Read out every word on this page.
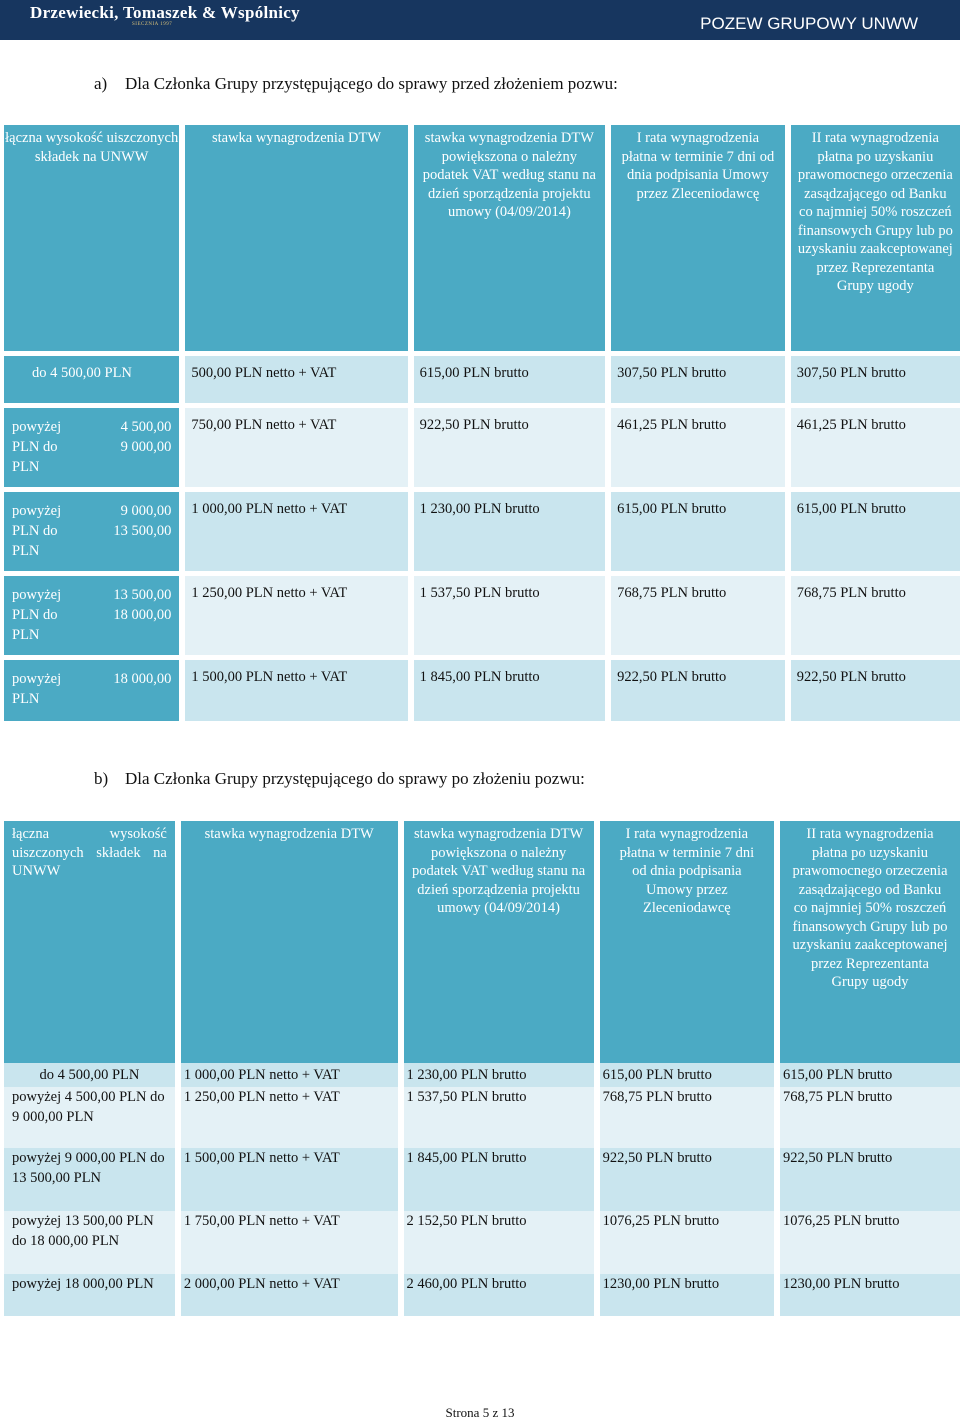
Drzewiecki, Tomaszek & Wspólnicy
SIECZNIA 1997	POZEW GRUPOWY UNWW
a) Dla Członka Grupy przystępującego do sprawy przed złożeniem pozwu:
łączna wysokość uiszczonych składek na UNWW	stawka wynagrodzenia DTW	stawka wynagrodzenia DTW powiększona o należny podatek VAT według stanu na dzień sporządzenia projektu umowy (04/09/2014)	I rata wynagrodzenia płatna w terminie 7 dni od dnia podpisania Umowy przez Zleceniodawcę	II rata wynagrodzenia płatna po uzyskaniu prawomocnego orzeczenia zasądzającego od Banku co najmniej 50% roszczeń finansowych Grupy lub po uzyskaniu zaakceptowanej przez Reprezentanta Grupy ugody

do 4 500,00 PLN	500,00 PLN netto + VAT	615,00 PLN brutto	307,50 PLN brutto	307,50 PLN brutto

powyżej 4 500,00
PLN do 9 000,00
PLN	750,00 PLN netto + VAT	922,50 PLN brutto	461,25 PLN brutto	461,25 PLN brutto

powyżej 9 000,00
PLN do 13 500,00
PLN	1 000,00 PLN netto + VAT	1 230,00 PLN brutto	615,00 PLN brutto	615,00 PLN brutto

powyżej 13 500,00
PLN do 18 000,00
PLN	1 250,00 PLN netto + VAT	1 537,50 PLN brutto	768,75 PLN brutto	768,75 PLN brutto

powyżej 18 000,00
PLN	1 500,00 PLN netto + VAT	1 845,00 PLN brutto	922,50 PLN brutto	922,50 PLN brutto
b) Dla Członka Grupy przystępującego do sprawy po złożeniu pozwu:
łączna wysokość uiszczonych składek na UNWW	stawka wynagrodzenia DTW	stawka wynagrodzenia DTW powiększona o należny podatek VAT według stanu na dzień sporządzenia projektu umowy (04/09/2014)	I rata wynagrodzenia płatna w terminie 7 dni od dnia podpisania Umowy przez Zleceniodawcę	II rata wynagrodzenia płatna po uzyskaniu prawomocnego orzeczenia zasądzającego od Banku co najmniej 50% roszczeń finansowych Grupy lub po uzyskaniu zaakceptowanej przez Reprezentanta Grupy ugody
do 4 500,00 PLN	1 000,00 PLN netto + VAT	1 230,00 PLN brutto	615,00 PLN brutto	615,00 PLN brutto
powyżej 4 500,00 PLN do 9 000,00 PLN	1 250,00 PLN netto + VAT	1 537,50 PLN brutto	768,75 PLN brutto	768,75 PLN brutto
powyżej 9 000,00 PLN do 13 500,00 PLN	1 500,00 PLN netto + VAT	1 845,00 PLN brutto	922,50 PLN brutto	922,50 PLN brutto
powyżej 13 500,00 PLN do 18 000,00 PLN	1 750,00 PLN netto + VAT	2 152,50 PLN brutto	1076,25 PLN brutto	1076,25 PLN brutto
powyżej 18 000,00 PLN	2 000,00 PLN netto + VAT	2 460,00 PLN brutto	1230,00 PLN brutto	1230,00 PLN brutto
Strona 5 z 13
